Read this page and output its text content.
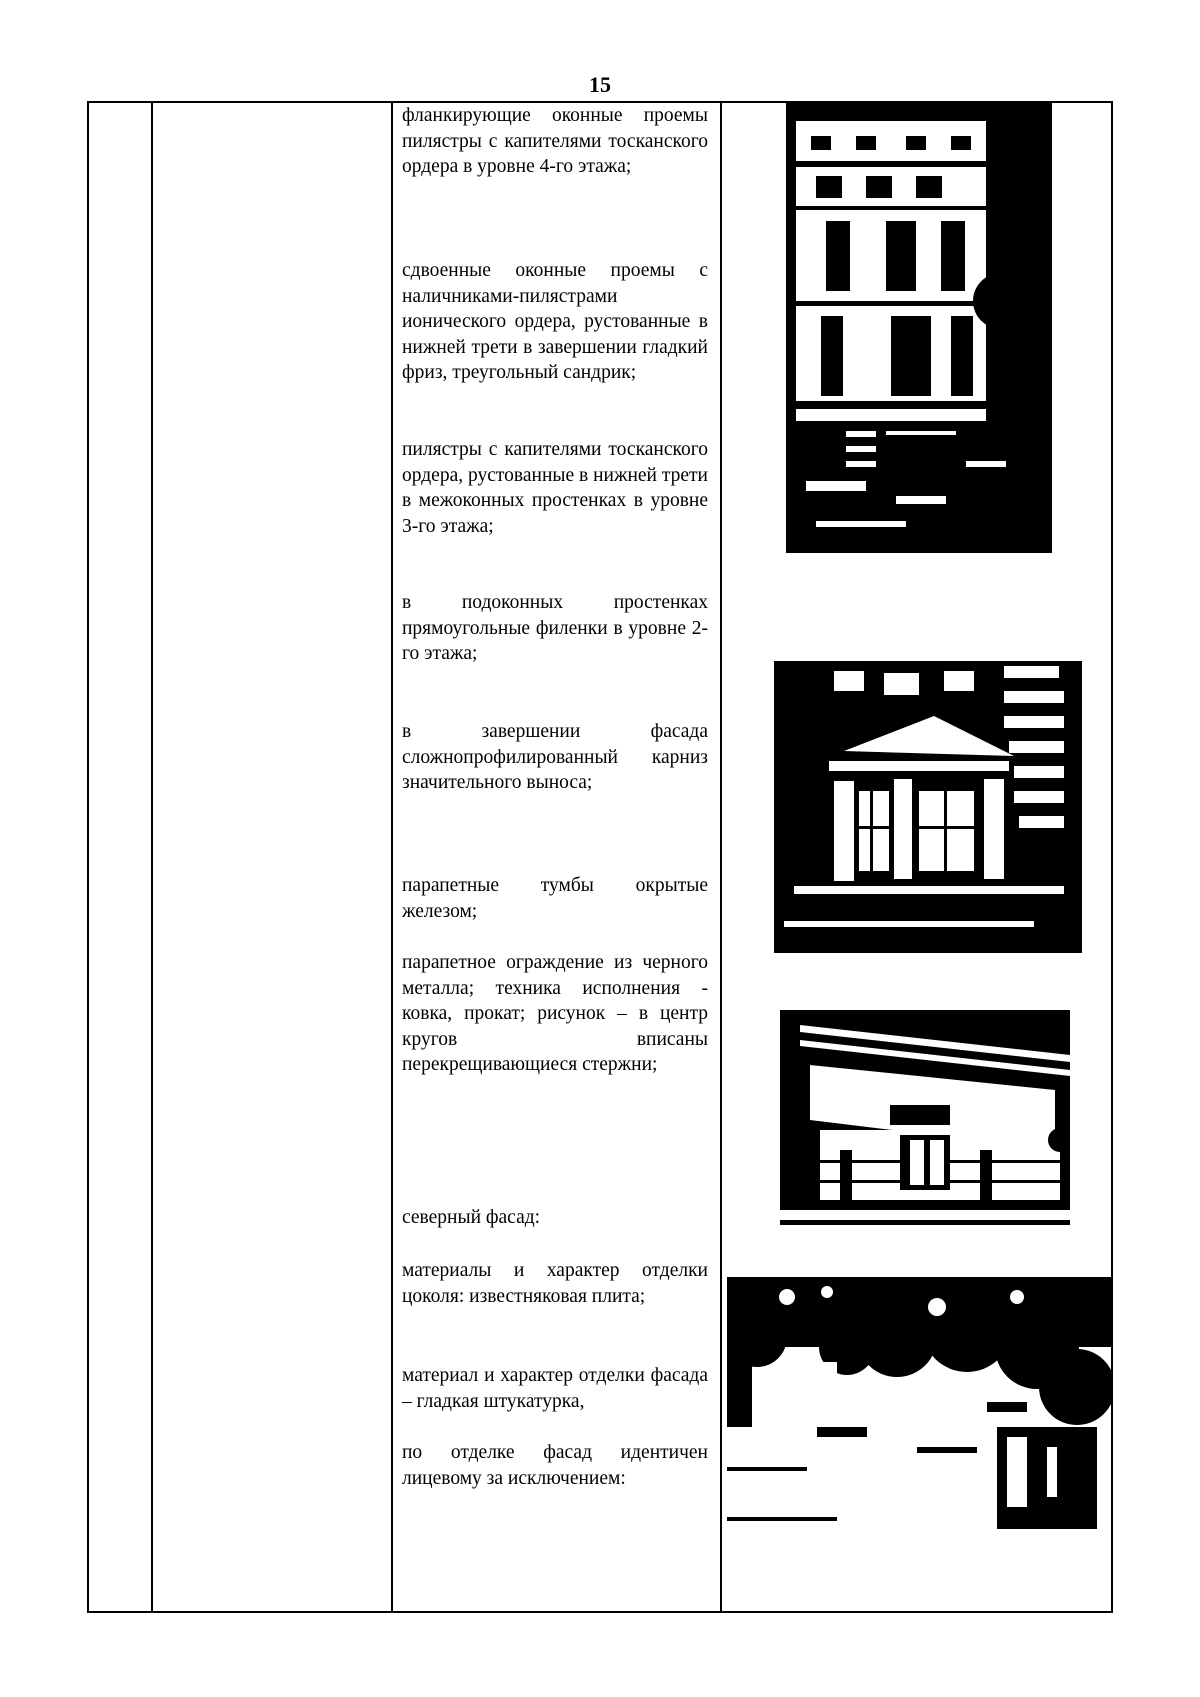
15
фланкирующие оконные проемы пилястры с капителями тосканского ордера в уровне 4-го этажа;
сдвоенные оконные проемы с наличниками-пилястрами ионического ордера, рустованные в нижней трети в завершении гладкий фриз, треугольный сандрик;
пилястры с капителями тосканского ордера, рустованные в нижней трети в межоконных простенках в уровне 3-го этажа;
в подоконных простенках прямоугольные филенки в уровне 2-го этажа;
в завершении фасада сложнопрофилированный карниз значительного выноса;
парапетные тумбы окрытые железом;
парапетное ограждение из черного металла; техника исполнения - ковка, прокат; рисунок – в центр кругов вписаны перекрещивающиеся стержни;
северный фасад:
материалы и характер отделки цоколя: известняковая плита;
материал и характер отделки фасада – гладкая штукатурка,
по отделке фасад идентичен лицевому за исключением:
